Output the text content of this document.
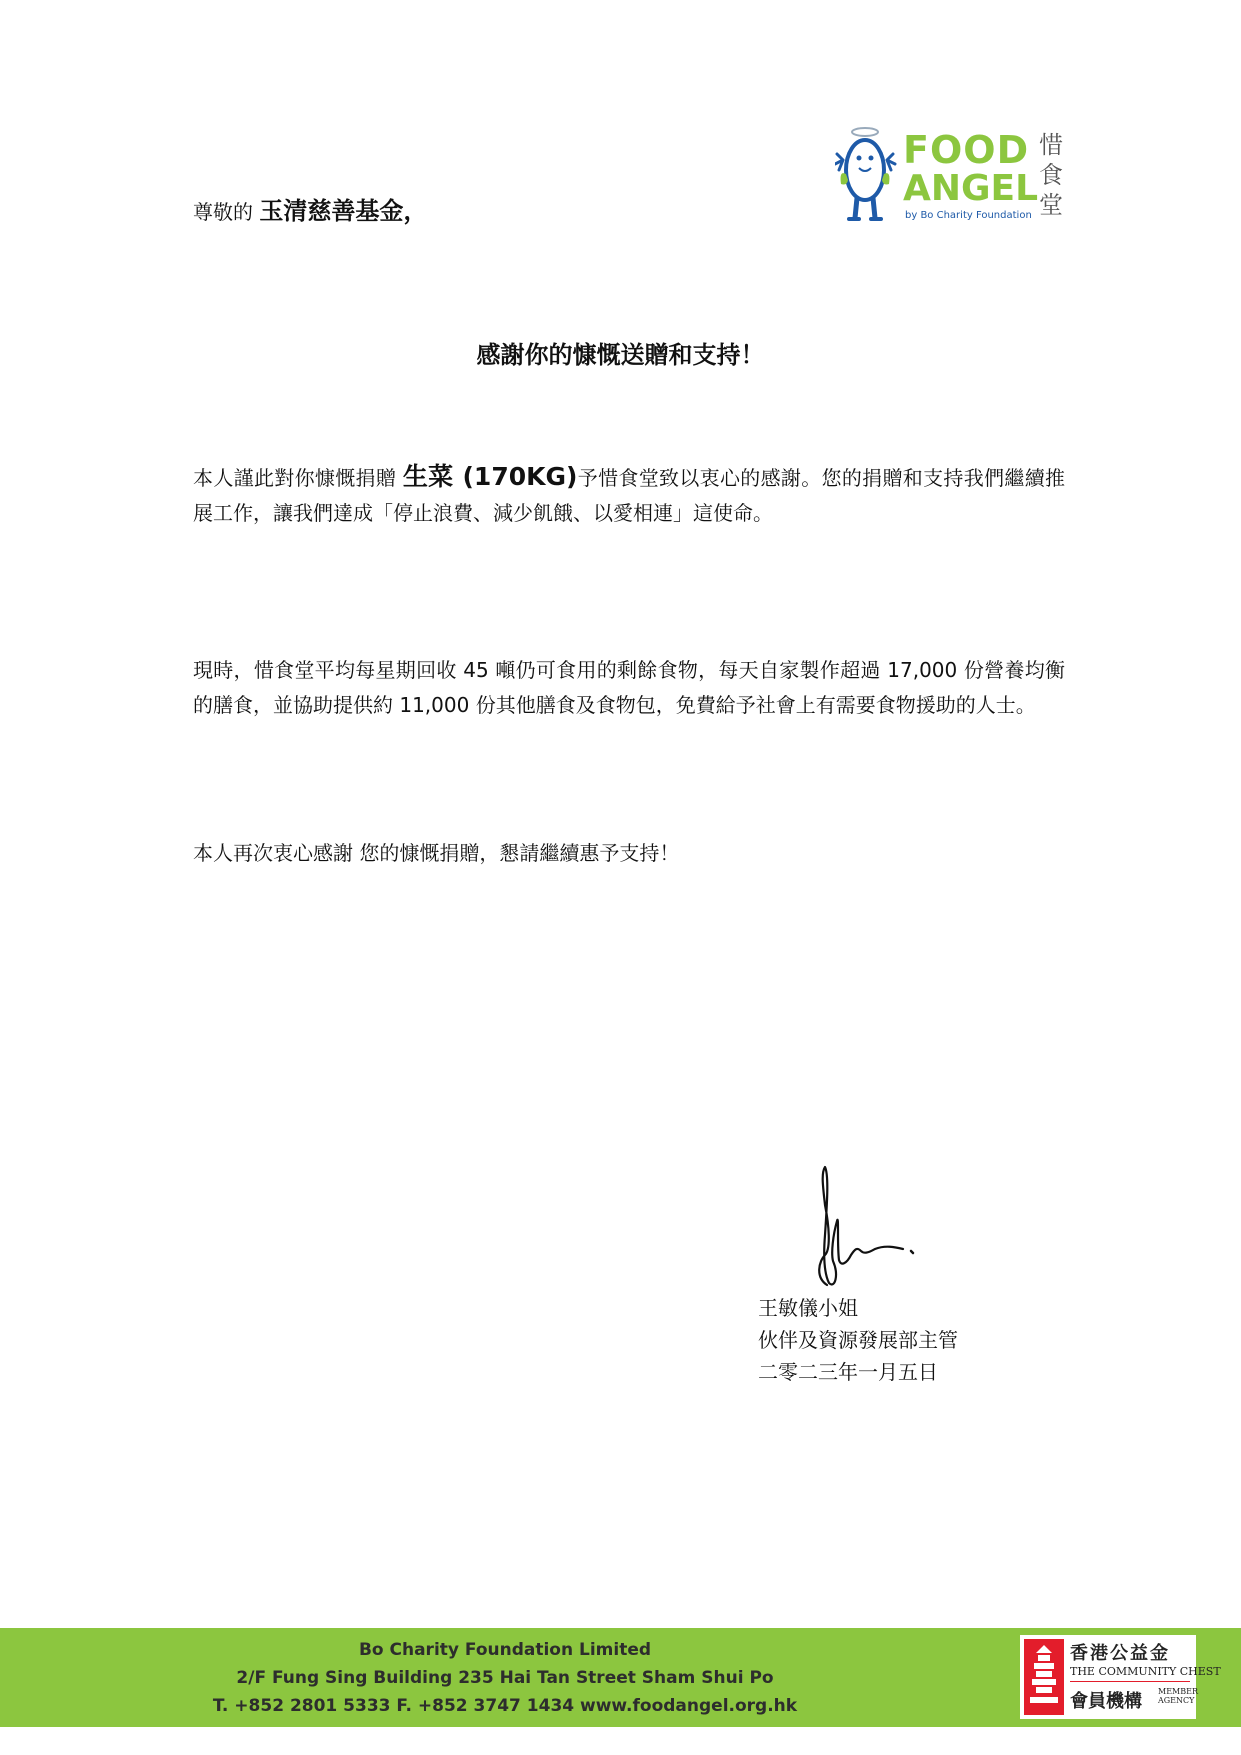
FOOD
ANGEL
by Bo Charity Foundation
惜食堂
尊敬的 玉清慈善基金，
感謝你的慷慨送贈和支持！
本人謹此對你慷慨捐贈 生菜 (170KG)予惜食堂致以衷心的感謝。您的捐贈和支持我們繼續推展工作，讓我們達成「停止浪費、減少飢餓、以愛相連」這使命。
現時，惜食堂平均每星期回收 45 噸仍可食用的剩餘食物，每天自家製作超過 17,000 份營養均衡的膳食，並協助提供約 11,000 份其他膳食及食物包，免費給予社會上有需要食物援助的人士。
本人再次衷心感謝 您的慷慨捐贈，懇請繼續惠予支持！
王敏儀小姐
伙伴及資源發展部主管
二零二三年一月五日
Bo Charity Foundation Limited
2/F Fung Sing Building 235 Hai Tan Street Sham Shui Po
T. +852 2801 5333 F. +852 3747 1434 www.foodangel.org.hk
香港公益金
THE COMMUNITY CHEST
會員機構 MEMBER
AGENCY
